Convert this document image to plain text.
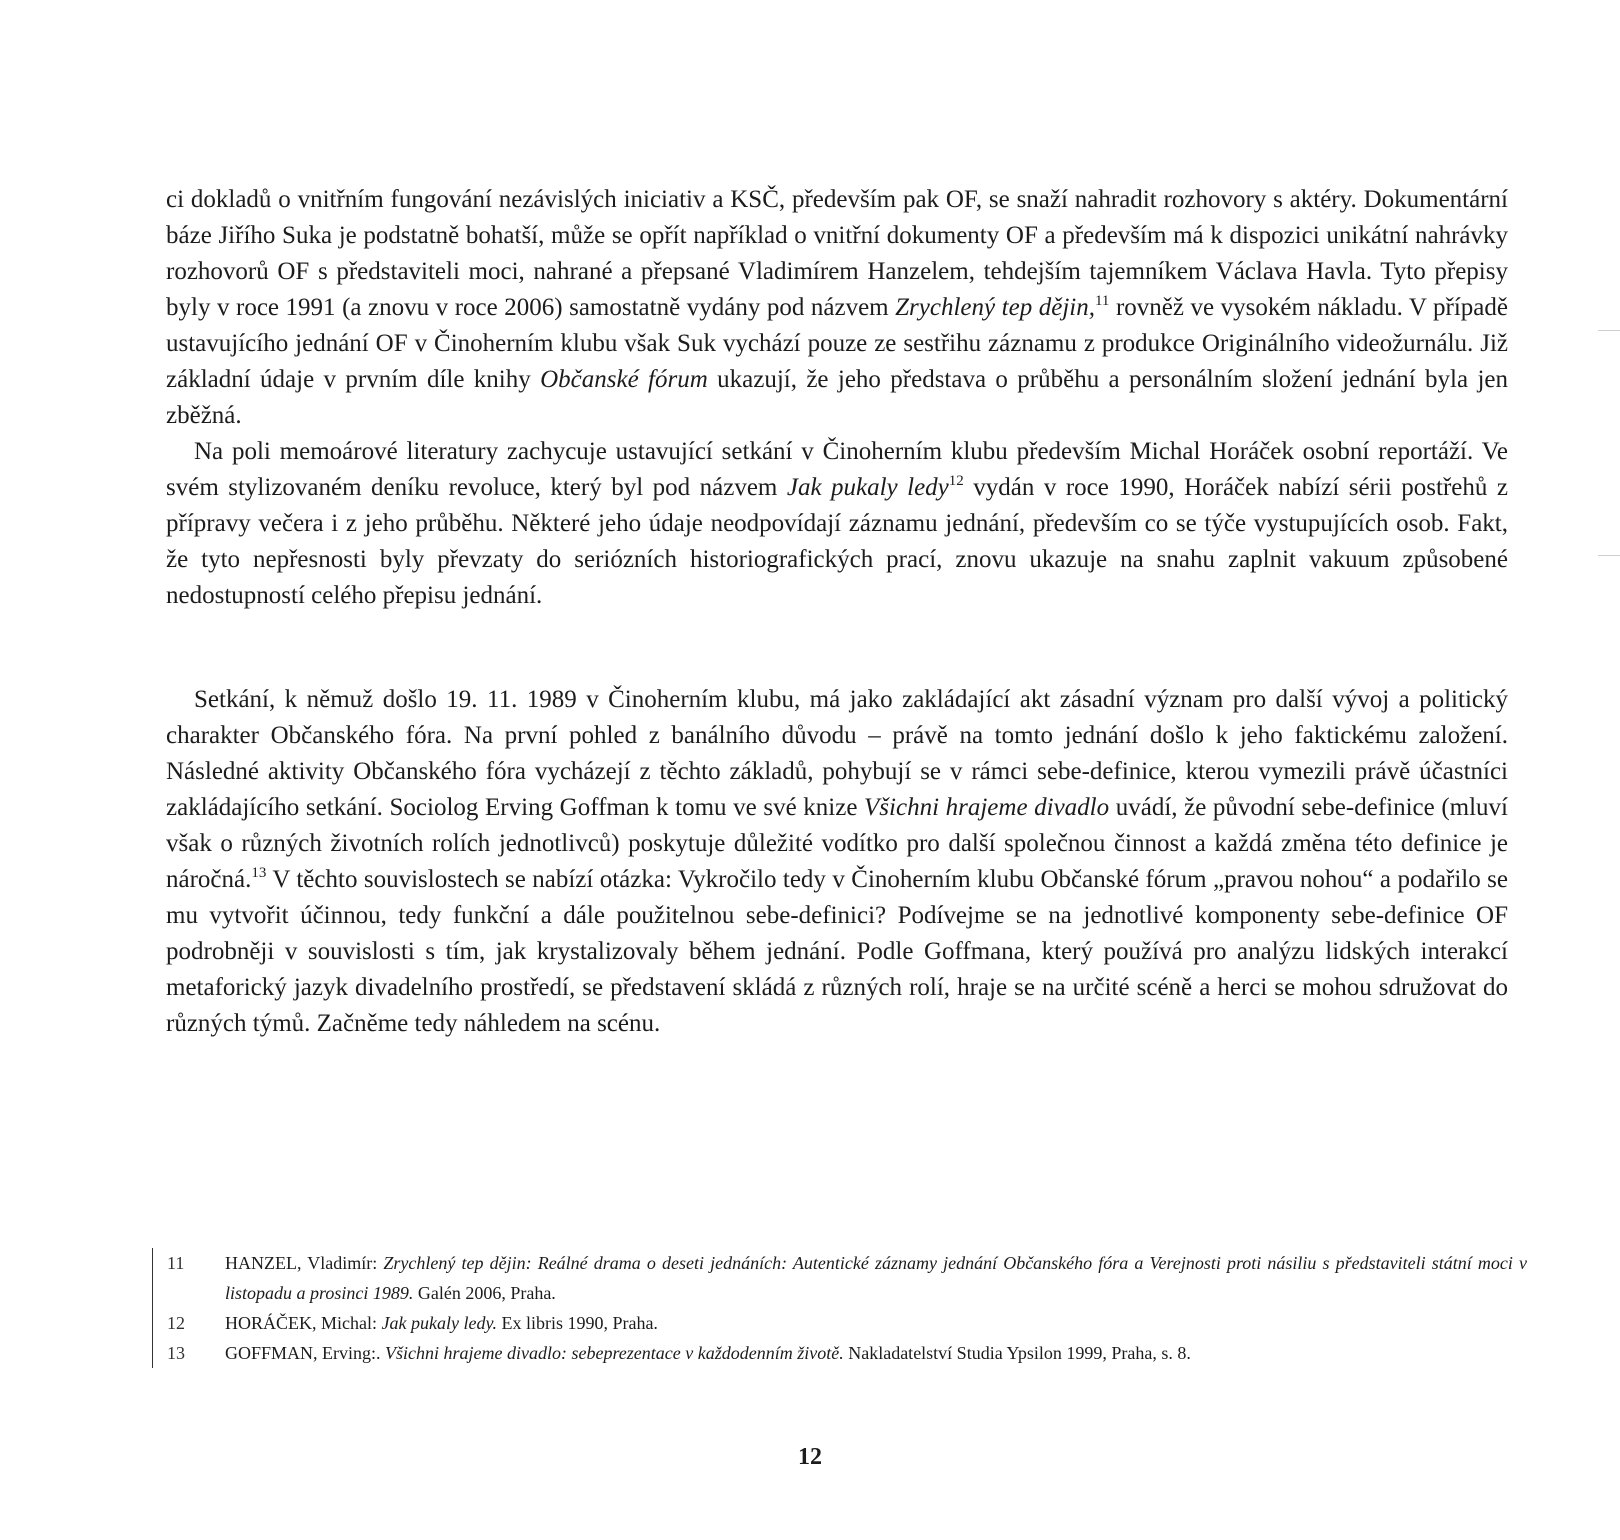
ci dokladů o vnitřním fungování nezávislých iniciativ a KSČ, především pak OF, se snaží nahradit rozhovory s aktéry. Dokumentární báze Jiřího Suka je podstatně bohatší, může se opřít například o vnitřní dokumenty OF a především má k dispozici unikátní nahrávky rozhovorů OF s představiteli moci, nahrané a přepsané Vladimírem Hanzelem, tehdejším tajemníkem Václava Havla. Tyto přepisy byly v roce 1991 (a znovu v roce 2006) samostatně vydány pod názvem Zrychlený tep dějin,$^{11}$ rovněž ve vysokém nákladu. V případě ustavujícího jednání OF v Činoherním klubu však Suk vychází pouze ze sestřihu záznamu z produkce Originálního videožurnálu. Již základní údaje v prvním díle knihy Občanské fórum ukazují, že jeho představa o průběhu a personálním složení jednání byla jen zběžná.

Na poli memoárové literatury zachycuje ustavující setkání v Činoherním klubu především Michal Horáček osobní reportáží. Ve svém stylizovaném deníku revoluce, který byl pod názvem Jak pukaly ledy$^{12}$ vydán v roce 1990, Horáček nabízí sérii postřehů z přípravy večera i z jeho průběhu. Některé jeho údaje neodpovídají záznamu jednání, především co se týče vystupujících osob. Fakt, že tyto nepřesnosti byly převzaty do seriózních historiografických prací, znovu ukazuje na snahu zaplnit vakuum způsobené nedostupností celého přepisu jednání.

Setkání, k němuž došlo 19. 11. 1989 v Činoherním klubu, má jako zakládající akt zásadní význam pro další vývoj a politický charakter Občanského fóra. Na první pohled z banálního důvodu – právě na tomto jednání došlo k jeho faktickému založení. Následné aktivity Občanského fóra vycházejí z těchto základů, pohybují se v rámci sebe-definice, kterou vymezili právě účastníci zakládajícího setkání. Sociolog Erving Goffman k tomu ve své knize Všichni hrajeme divadlo uvádí, že původní sebe-definice (mluví však o různých životních rolích jednotlivců) poskytuje důležité vodítko pro další společnou činnost a každá změna této definice je náročná.$^{13}$ V těchto souvislostech se nabízí otázka: Vykročilo tedy v Činoherním klubu Občanské fórum „pravou nohou“ a podařilo se mu vytvořit účinnou, tedy funkční a dále použitelnou sebe-definici? Podívejme se na jednotlivé komponenty sebe-definice OF podrobněji v souvislosti s tím, jak krystalizovaly během jednání. Podle Goffmana, který používá pro analýzu lidských interakcí metaforický jazyk divadelního prostředí, se představení skládá z různých rolí, hraje se na určité scéně a herci se mohou sdružovat do různých týmů. Začněme tedy náhledem na scénu.

11	HANZEL, Vladimír: Zrychlený tep dějin: Reálné drama o deseti jednáních: Autentické záznamy jednání Občanského fóra a Verejnosti proti násiliu s představiteli státní moci v listopadu a prosinci 1989. Galén 2006, Praha.
12	HORÁČEK, Michal: Jak pukaly ledy. Ex libris 1990, Praha.
13	GOFFMAN, Erving:. Všichni hrajeme divadlo: sebeprezentace v každodenním životě. Nakladatelství Studia Ypsilon 1999, Praha, s. 8.
12
